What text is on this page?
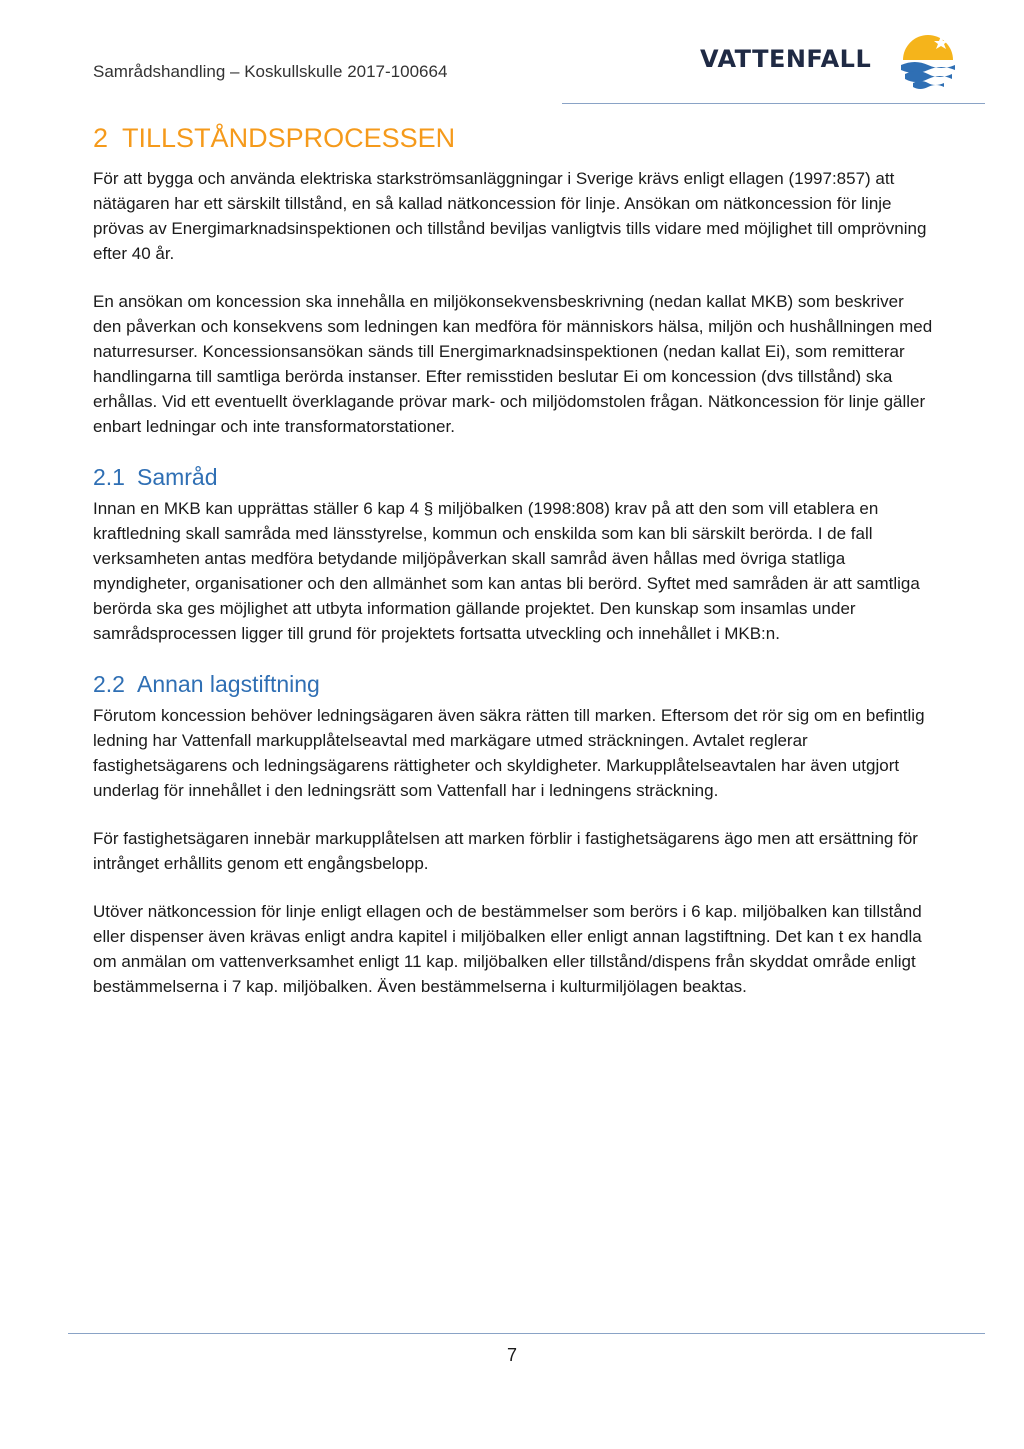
Samrådshandling – Koskullskulle 2017-100664	VATTENFALL
2 TILLSTÅNDSPROCESSEN

För att bygga och använda elektriska starkströmsanläggningar i Sverige krävs enligt ellagen (1997:857) att nätägaren har ett särskilt tillstånd, en så kallad nätkoncession för linje. Ansökan om nätkoncession för linje prövas av Energimarknadsinspektionen och tillstånd beviljas vanligtvis tills vidare med möjlighet till omprövning efter 40 år.

En ansökan om koncession ska innehålla en miljökonsekvensbeskrivning (nedan kallat MKB) som beskriver den påverkan och konsekvens som ledningen kan medföra för människors hälsa, miljön och hushållningen med naturresurser. Koncessionsansökan sänds till Energimarknadsinspektionen (nedan kallat Ei), som remitterar handlingarna till samtliga berörda instanser. Efter remisstiden beslutar Ei om koncession (dvs tillstånd) ska erhållas. Vid ett eventuellt överklagande prövar mark- och miljödomstolen frågan. Nätkoncession för linje gäller enbart ledningar och inte transformatorstationer.

2.1 Samråd

Innan en MKB kan upprättas ställer 6 kap 4 § miljöbalken (1998:808) krav på att den som vill etablera en kraftledning skall samråda med länsstyrelse, kommun och enskilda som kan bli särskilt berörda. I de fall verksamheten antas medföra betydande miljöpåverkan skall samråd även hållas med övriga statliga myndigheter, organisationer och den allmänhet som kan antas bli berörd. Syftet med samråden är att samtliga berörda ska ges möjlighet att utbyta information gällande projektet. Den kunskap som insamlas under samrådsprocessen ligger till grund för projektets fortsatta utveckling och innehållet i MKB:n.

2.2 Annan lagstiftning

Förutom koncession behöver ledningsägaren även säkra rätten till marken. Eftersom det rör sig om en befintlig ledning har Vattenfall markupplåtelseavtal med markägare utmed sträckningen. Avtalet reglerar fastighetsägarens och ledningsägarens rättigheter och skyldigheter. Markupplåtelseavtalen har även utgjort underlag för innehållet i den ledningsrätt som Vattenfall har i ledningens sträckning.

För fastighetsägaren innebär markupplåtelsen att marken förblir i fastighetsägarens ägo men att ersättning för intrånget erhållits genom ett engångsbelopp.

Utöver nätkoncession för linje enligt ellagen och de bestämmelser som berörs i 6 kap. miljöbalken kan tillstånd eller dispenser även krävas enligt andra kapitel i miljöbalken eller enligt annan lagstiftning. Det kan t ex handla om anmälan om vattenverksamhet enligt 11 kap. miljöbalken eller tillstånd/dispens från skyddat område enligt bestämmelserna i 7 kap. miljöbalken. Även bestämmelserna i kulturmiljölagen beaktas.

7
